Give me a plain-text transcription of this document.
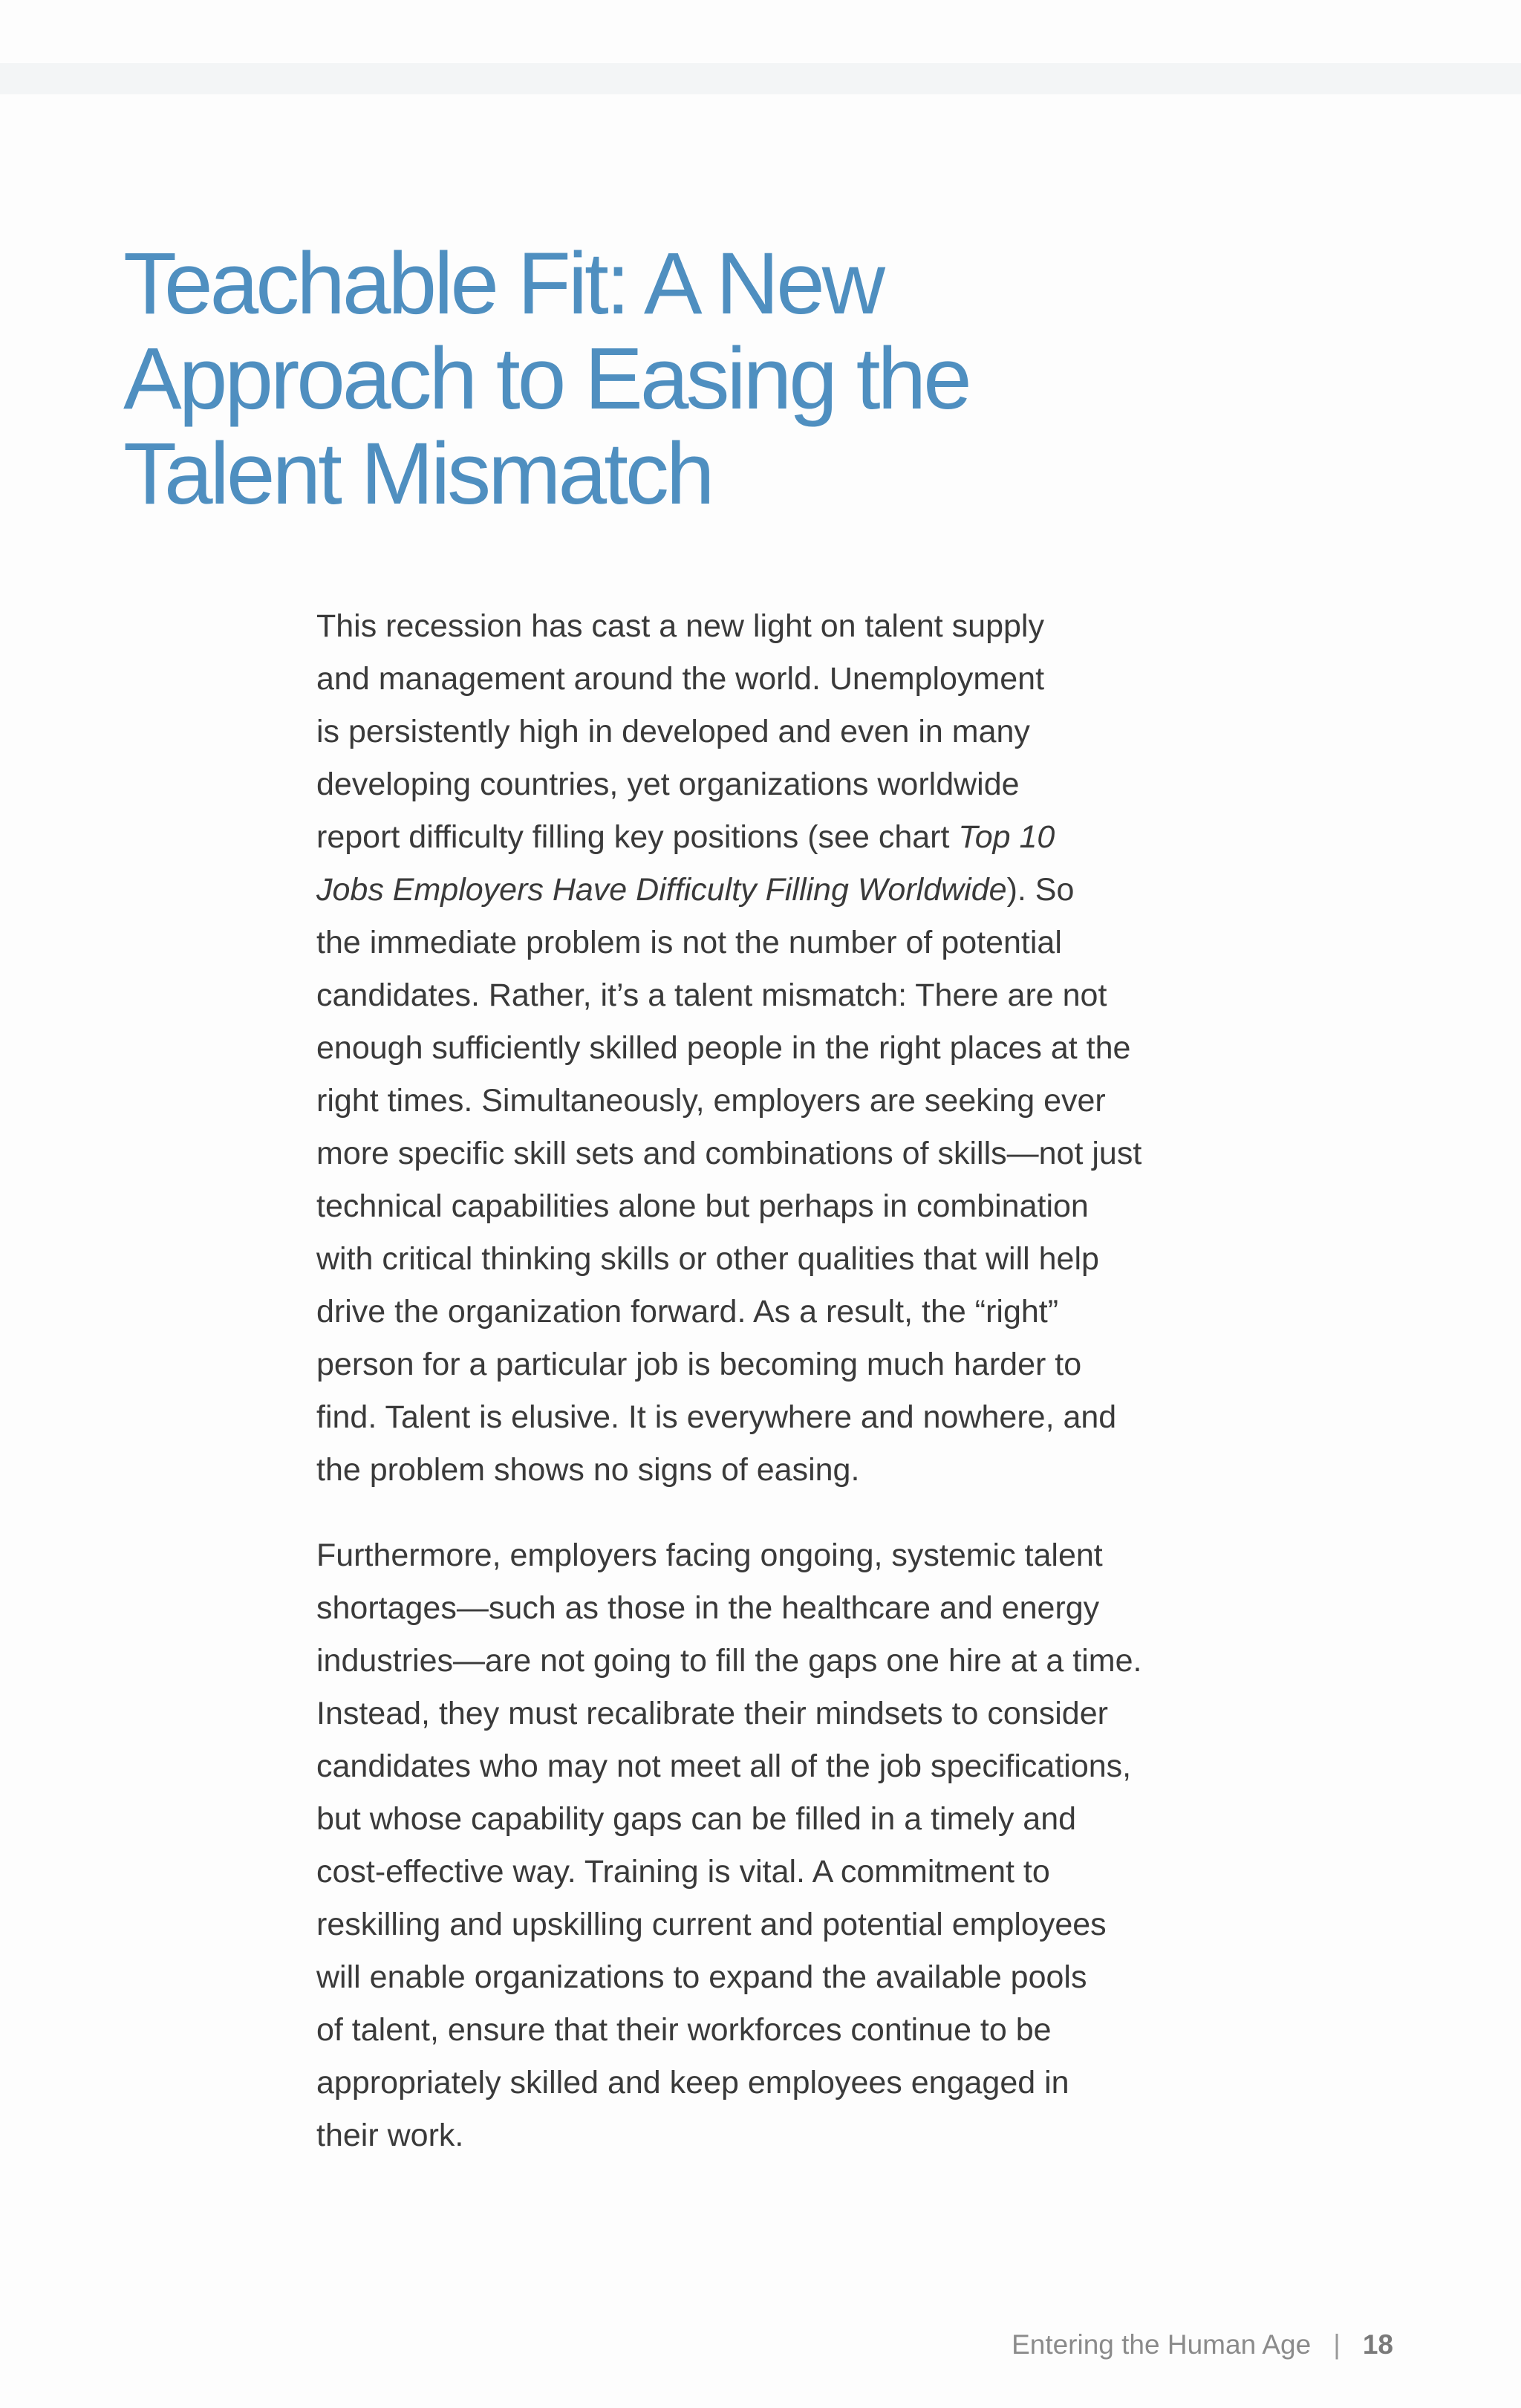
Teachable Fit: A New
Approach to Easing the
Talent Mismatch

This recession has cast a new light on talent supply
and management around the world. Unemployment
is persistently high in developed and even in many
developing countries, yet organizations worldwide
report difficulty filling key positions (see chart Top 10
Jobs Employers Have Difficulty Filling Worldwide). So
the immediate problem is not the number of potential
candidates. Rather, it’s a talent mismatch: There are not
enough sufficiently skilled people in the right places at the
right times. Simultaneously, employers are seeking ever
more specific skill sets and combinations of skills—not just
technical capabilities alone but perhaps in combination
with critical thinking skills or other qualities that will help
drive the organization forward. As a result, the “right”
person for a particular job is becoming much harder to
find. Talent is elusive. It is everywhere and nowhere, and
the problem shows no signs of easing.

Furthermore, employers facing ongoing, systemic talent
shortages—such as those in the healthcare and energy
industries—are not going to fill the gaps one hire at a time.
Instead, they must recalibrate their mindsets to consider
candidates who may not meet all of the job specifications,
but whose capability gaps can be filled in a timely and
cost-effective way. Training is vital. A commitment to
reskilling and upskilling current and potential employees
will enable organizations to expand the available pools
of talent, ensure that their workforces continue to be
appropriately skilled and keep employees engaged in
their work.

Entering the Human Age | 18
